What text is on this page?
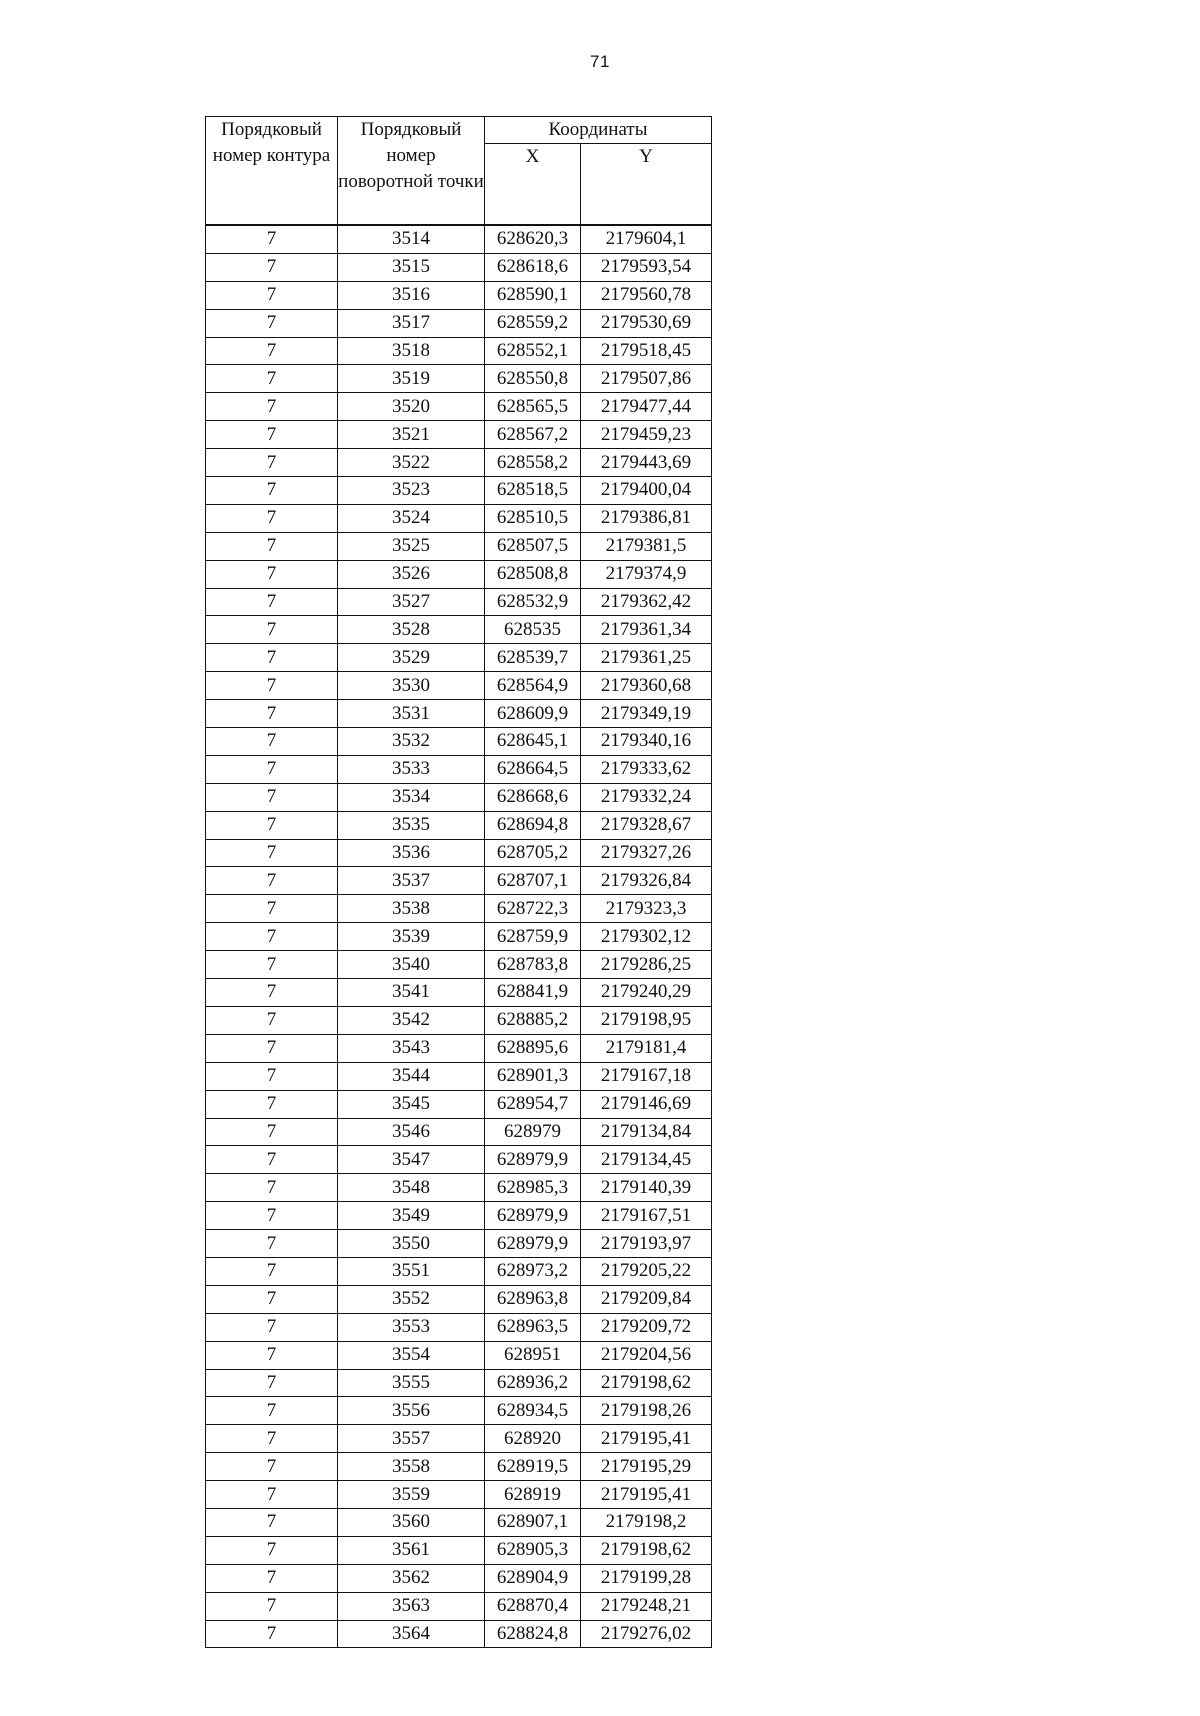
71
Порядковый номер контура	Порядковый номер поворотной точки	Координаты	
		X	Y
7	3514	628620,3	2179604,1
7	3515	628618,6	2179593,54
7	3516	628590,1	2179560,78
7	3517	628559,2	2179530,69
7	3518	628552,1	2179518,45
7	3519	628550,8	2179507,86
7	3520	628565,5	2179477,44
7	3521	628567,2	2179459,23
7	3522	628558,2	2179443,69
7	3523	628518,5	2179400,04
7	3524	628510,5	2179386,81
7	3525	628507,5	2179381,5
7	3526	628508,8	2179374,9
7	3527	628532,9	2179362,42
7	3528	628535	2179361,34
7	3529	628539,7	2179361,25
7	3530	628564,9	2179360,68
7	3531	628609,9	2179349,19
7	3532	628645,1	2179340,16
7	3533	628664,5	2179333,62
7	3534	628668,6	2179332,24
7	3535	628694,8	2179328,67
7	3536	628705,2	2179327,26
7	3537	628707,1	2179326,84
7	3538	628722,3	2179323,3
7	3539	628759,9	2179302,12
7	3540	628783,8	2179286,25
7	3541	628841,9	2179240,29
7	3542	628885,2	2179198,95
7	3543	628895,6	2179181,4
7	3544	628901,3	2179167,18
7	3545	628954,7	2179146,69
7	3546	628979	2179134,84
7	3547	628979,9	2179134,45
7	3548	628985,3	2179140,39
7	3549	628979,9	2179167,51
7	3550	628979,9	2179193,97
7	3551	628973,2	2179205,22
7	3552	628963,8	2179209,84
7	3553	628963,5	2179209,72
7	3554	628951	2179204,56
7	3555	628936,2	2179198,62
7	3556	628934,5	2179198,26
7	3557	628920	2179195,41
7	3558	628919,5	2179195,29
7	3559	628919	2179195,41
7	3560	628907,1	2179198,2
7	3561	628905,3	2179198,62
7	3562	628904,9	2179199,28
7	3563	628870,4	2179248,21
7	3564	628824,8	2179276,02
